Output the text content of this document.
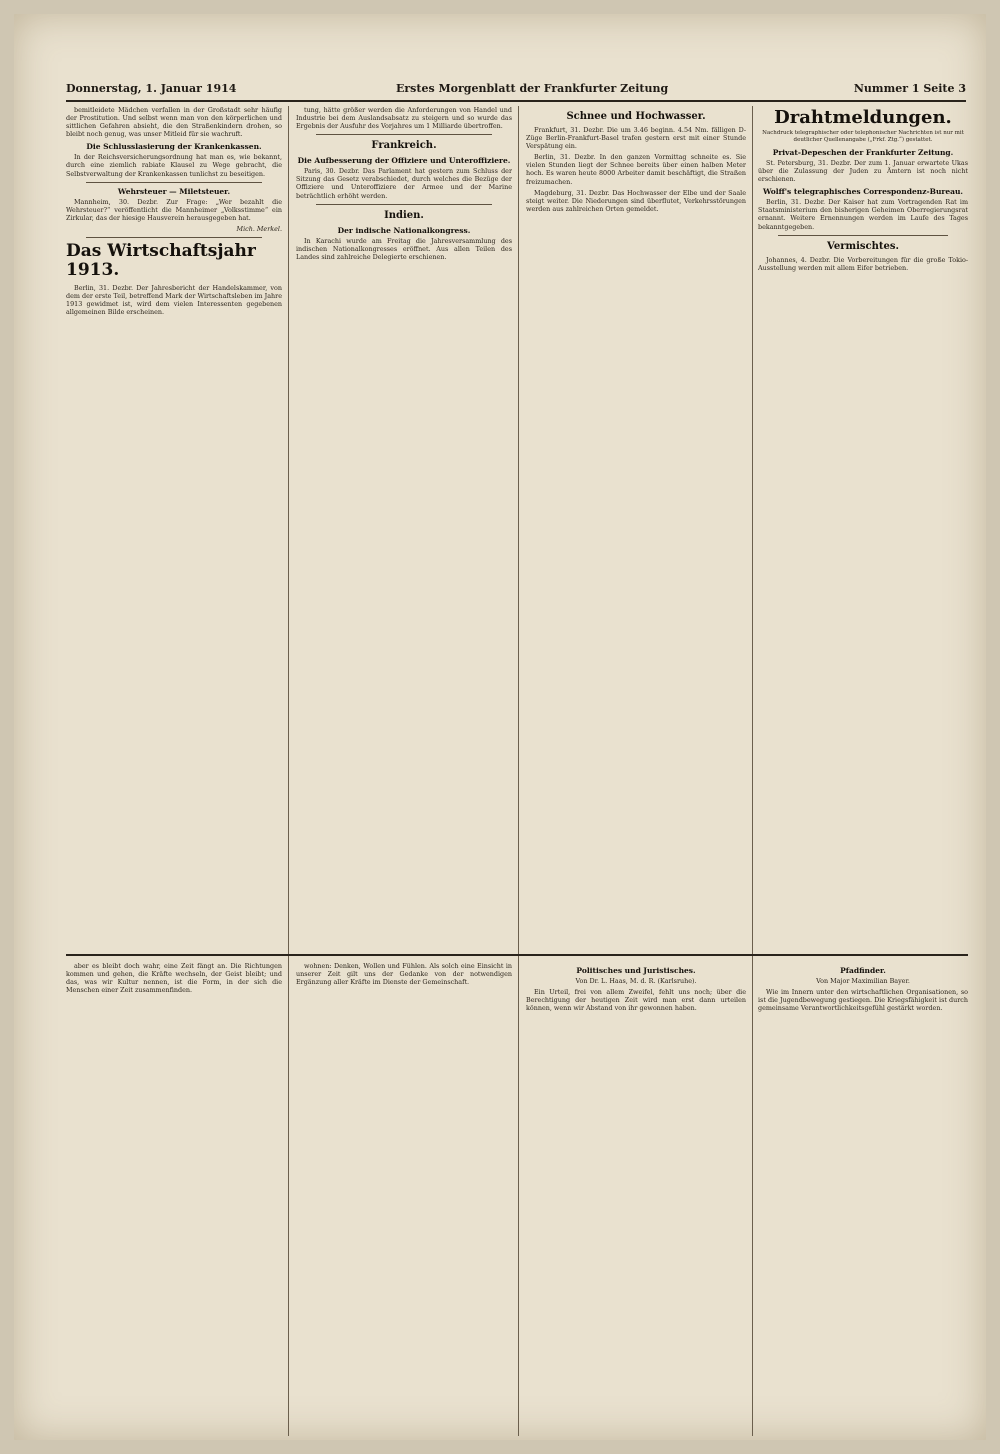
Donnerstag, 1. Januar 1914	Erstes Morgenblatt der Frankfurter Zeitung	Nummer 1 Seite 3

bemitleidete Mädchen verfallen in der Großstadt sehr häufig der Prostitution. Und selbst wenn man von den körperlichen und sittlichen Gefahren absieht, die den Straßenkindern drohen, so bleibt noch genug, was unser Mitleid für sie wachruft.

Die Schlusslasierung der Krankenkassen.

In der Reichsversicherungsordnung hat man es, wie bekannt, durch eine ziemlich rabiate Klausel zu Wege gebracht, die Selbstverwaltung der Krankenkassen tunlichst zu beseitigen.

Wehrsteuer — Miletsteuer.

Mannheim, 30. Dezbr. Zur Frage: „Wer bezahlt die Wehrsteuer?“ veröffentlicht die Mannheimer „Volksstimme“ ein Zirkular, das der hiesige Hausverein herausgegeben hat.

Mich. Merkel.
Das Wirtschaftsjahr 1913.

Berlin, 31. Dezbr. Der Jahresbericht der Handelskammer, von dem der erste Teil, betreffend Mark der Wirtschaftsleben im Jahre 1913 gewidmet ist, wird dem vielen Interessenten gegebenen allgemeinen Bilde erscheinen.

tung, hätte größer werden die Anforderungen von Handel und Industrie bei dem Auslandsabsatz zu steigern und so wurde das Ergebnis der Ausfuhr des Vorjahres um 1 Milliarde übertroffen.

Frankreich.
Die Aufbesserung der Offiziere und Unteroffiziere.

Paris, 30. Dezbr. Das Parlament hat gestern zum Schluss der Sitzung das Gesetz verabschiedet, durch welches die Bezüge der Offiziere und Unteroffiziere der Armee und der Marine beträchtlich erhöht werden.

Indien.
Der indische Nationalkongress.

In Karachi wurde am Freitag die Jahresversammlung des indischen Nationalkongresses eröffnet. Aus allen Teilen des Landes sind zahlreiche Delegierte erschienen.

Schnee und Hochwasser.

Frankfurt, 31. Dezbr. Die um 3.46 beginn. 4.54 Nm. fälligen D-Züge Berlin-Frankfurt-Basel trafen gestern erst mit einer Stunde Verspätung ein.

Berlin, 31. Dezbr. In den ganzen Vormittag schneite es. Sie vielen Stunden liegt der Schnee bereits über einen halben Meter hoch. Es waren heute 8000 Arbeiter damit beschäftigt, die Straßen freizumachen.

Magdeburg, 31. Dezbr. Das Hochwasser der Elbe und der Saale steigt weiter. Die Niederungen sind überflutet, Verkehrsstörungen werden aus zahlreichen Orten gemeldet.

Drahtmeldungen.
Nachdruck telegraphischer oder telephonischer Nachrichten ist nur mit deutlicher Quellenangabe („Frkf. Ztg.“) gestattet.
Privat-Depeschen der Frankfurter Zeitung.

St. Petersburg, 31. Dezbr. Der zum 1. Januar erwartete Ukas über die Zulassung der Juden zu Ämtern ist noch nicht erschienen.

Wolff's telegraphisches Correspondenz-Bureau.

Berlin, 31. Dezbr. Der Kaiser hat zum Vortragenden Rat im Staatsministerium den bisherigen Geheimen Oberregierungsrat ernannt. Weitere Ernennungen werden im Laufe des Tages bekanntgegeben.

Vermischtes.

Johannes, 4. Dezbr. Die Vorbereitungen für die große Tokio-Ausstellung werden mit allem Eifer betrieben.

aber es bleibt doch wahr, eine Zeit fängt an. Die Richtungen kommen und gehen, die Kräfte wechseln, der Geist bleibt; und das, was wir Kultur nennen, ist die Form, in der sich die Menschen einer Zeit zusammenfinden.

wohnen: Denken, Wollen und Fühlen. Als solch eine Einsicht in unserer Zeit gilt uns der Gedanke von der notwendigen Ergänzung aller Kräfte im Dienste der Gemeinschaft.

Politisches und Juristisches.
Von Dr. L. Haas, M. d. R. (Karlsruhe).

Ein Urteil, frei von allem Zweifel, fehlt uns noch; über die Berechtigung der heutigen Zeit wird man erst dann urteilen können, wenn wir Abstand von ihr gewonnen haben.

Pfadfinder.
Von Major Maximilian Bayer.

Wie im Innern unter den wirtschaftlichen Organisationen, so ist die Jugendbewegung gestiegen. Die Kriegsfähigkeit ist durch gemeinsame Verantwortlichkeitsgefühl gestärkt worden.
